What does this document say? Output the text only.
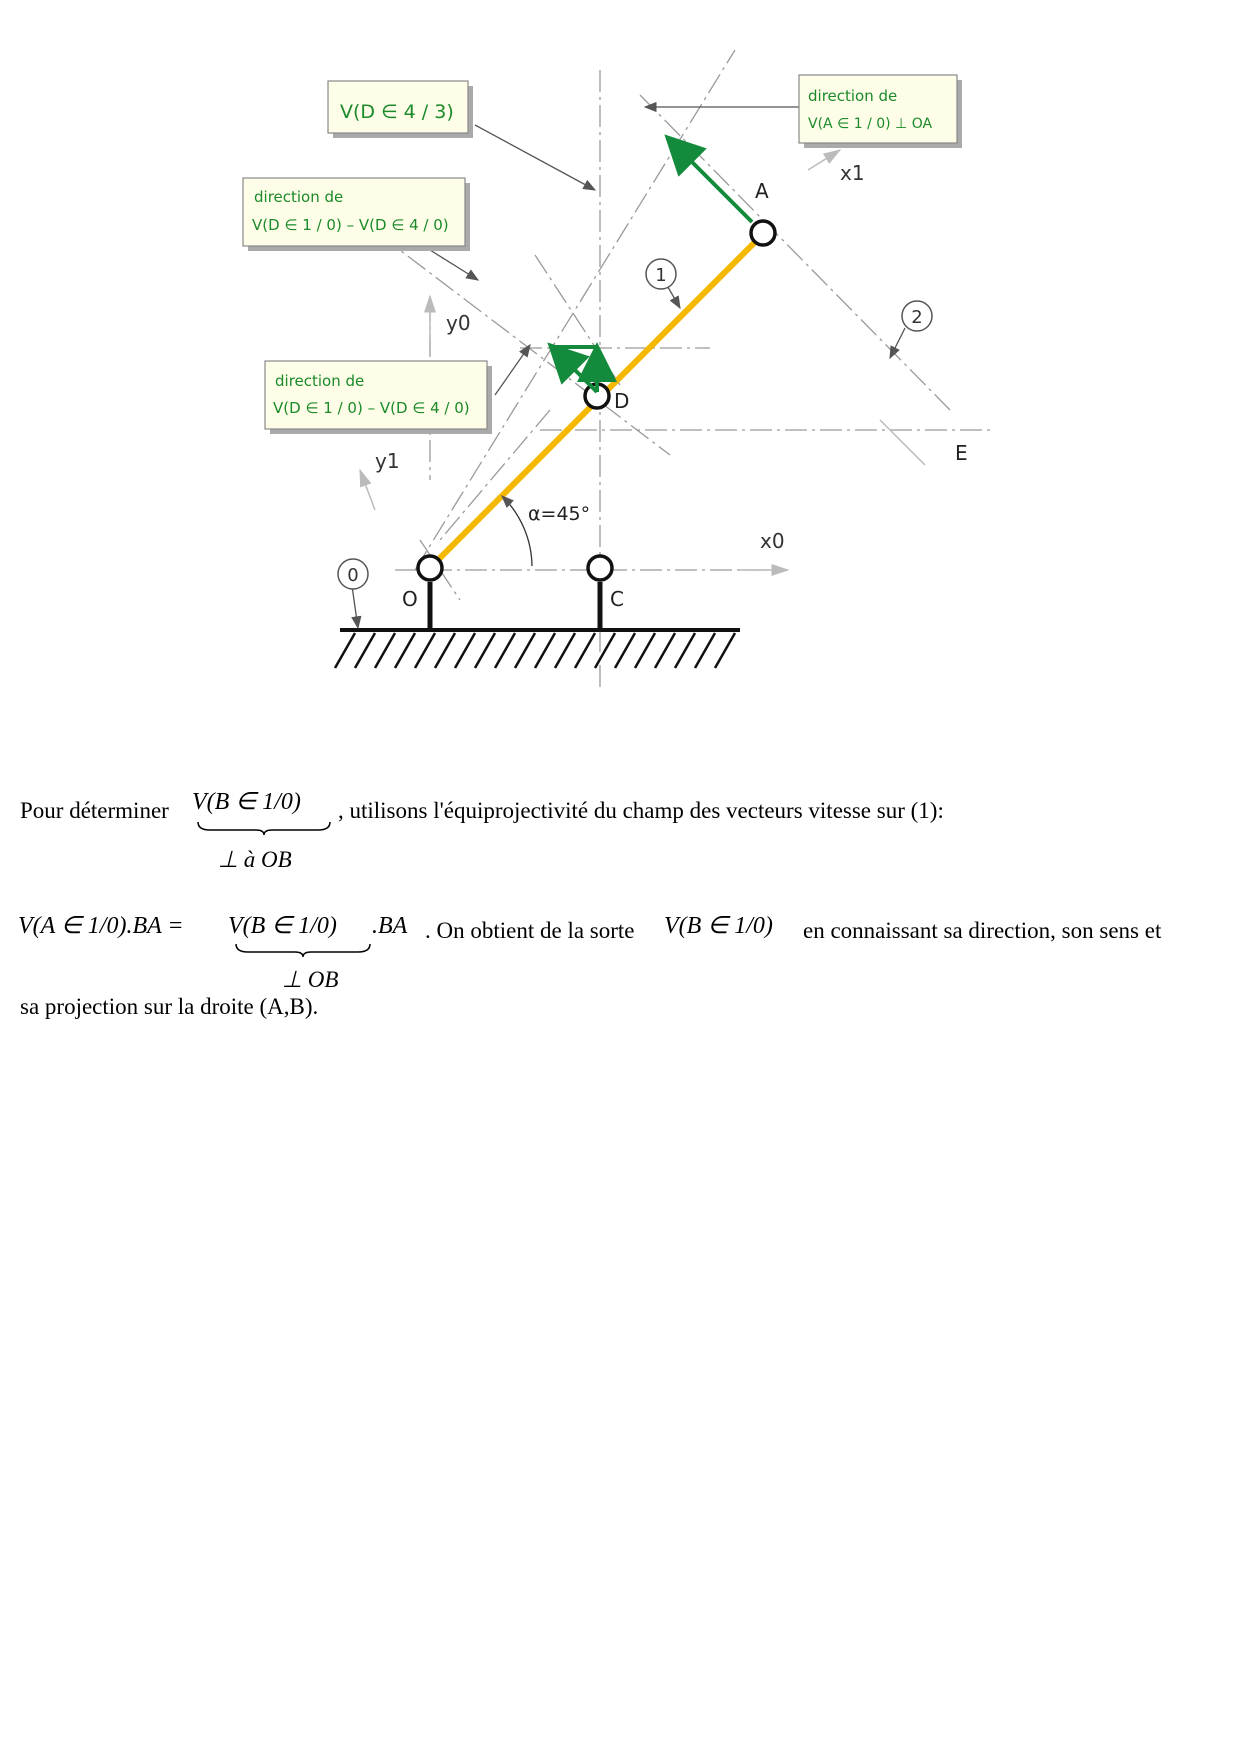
V(D ∈ 4 / 3)
direction de
V(A ∈ 1 / 0) ⊥ OA
direction de
V(D ∈ 1 / 0) – V(D ∈ 4 / 0)
direction de
V(D ∈ 1 / 0) – V(D ∈ 4 / 0)
0
1
2
A
D
E
O	C
x0
y0
y1
x1
α=45°
Pour déterminer V(B ∈ 1/0)
⊥ à OB
, utilisons l'équiprojectivité du champ des vecteurs vitesse sur (1):
V(A ∈ 1/0).BA = V(B ∈ 1/0)
⊥ OB
.BA . On obtient de la sorte V(B ∈ 1/0) en connaissant sa direction, son sens et
sa projection sur la droite (A,B).
